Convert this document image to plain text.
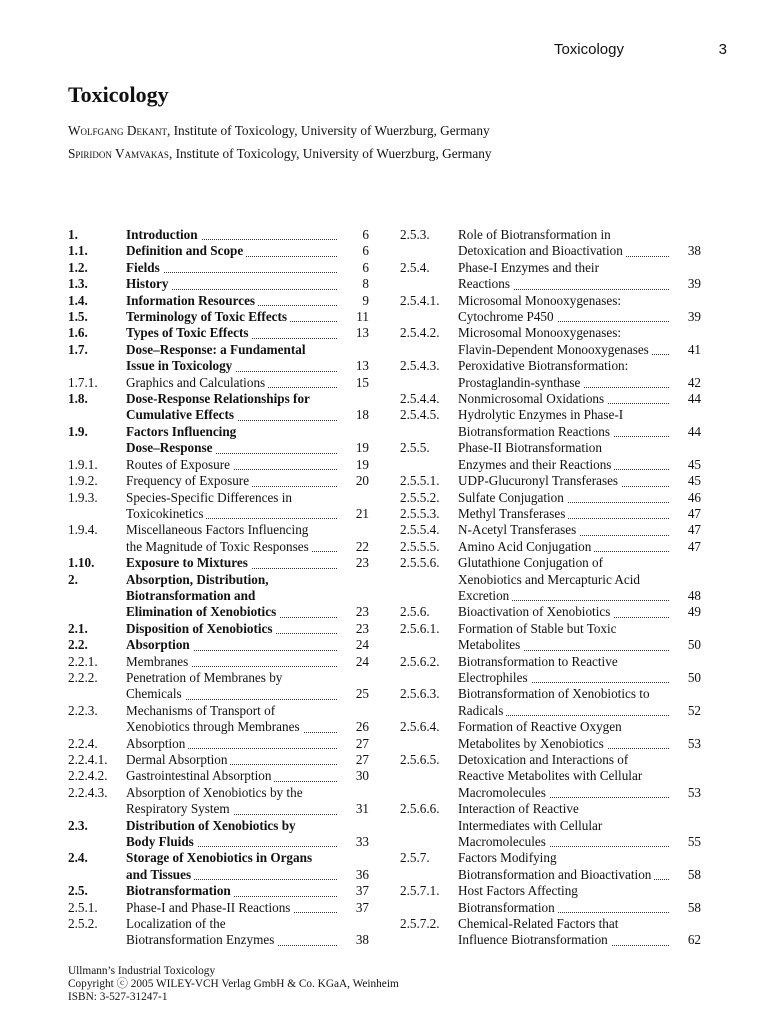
Toxicology	3
Toxicology
Wolfgang Dekant, Institute of Toxicology, University of Wuerzburg, Germany
Spiridon Vamvakas, Institute of Toxicology, University of Wuerzburg, Germany
1.	Introduction	6
1.1.	Definition and Scope	6
1.2.	Fields	6
1.3.	History	8
1.4.	Information Resources	9
1.5.	Terminology of Toxic Effects	11
1.6.	Types of Toxic Effects	13
1.7.	Dose–Response: a Fundamental
Issue in Toxicology	13
1.7.1. Graphics and Calculations	15
1.8.	Dose-Response Relationships for
Cumulative Effects	18
1.9.	Factors Influencing
Dose–Response	19
1.9.1. Routes of Exposure	19
1.9.2. Frequency of Exposure	20
1.9.3. Species-Specific Differences in
Toxicokinetics	21
1.9.4. Miscellaneous Factors Influencing
the Magnitude of Toxic Responses	22
1.10. Exposure to Mixtures	23
2.	Absorption, Distribution,
Biotransformation and
Elimination of Xenobiotics	23
2.1.	Disposition of Xenobiotics	23
2.2.	Absorption	24
2.2.1. Membranes	24
2.2.2. Penetration of Membranes by
Chemicals	25
2.2.3. Mechanisms of Transport of
Xenobiotics through Membranes	26
2.2.4. Absorption	27
2.2.4.1. Dermal Absorption	27
2.2.4.2. Gastrointestinal Absorption	30
2.2.4.3. Absorption of Xenobiotics by the
Respiratory System	31
2.3.	Distribution of Xenobiotics by
Body Fluids	33
2.4.	Storage of Xenobiotics in Organs
and Tissues	36
2.5.	Biotransformation	37
2.5.1. Phase-I and Phase-II Reactions	37
2.5.2. Localization of the
Biotransformation Enzymes	38
2.5.3. Role of Biotransformation in
Detoxication and Bioactivation	38
2.5.4. Phase-I Enzymes and their
Reactions	39
2.5.4.1. Microsomal Monooxygenases:
Cytochrome P450	39
2.5.4.2. Microsomal Monooxygenases:
Flavin-Dependent Monooxygenases	41
2.5.4.3. Peroxidative Biotransformation:
Prostaglandin-synthase	42
2.5.4.4. Nonmicrosomal Oxidations	44
2.5.4.5. Hydrolytic Enzymes in Phase-I
Biotransformation Reactions	44
2.5.5. Phase-II Biotransformation
Enzymes and their Reactions	45
2.5.5.1. UDP-Glucuronyl Transferases	45
2.5.5.2. Sulfate Conjugation	46
2.5.5.3. Methyl Transferases	47
2.5.5.4. N-Acetyl Transferases	47
2.5.5.5. Amino Acid Conjugation	47
2.5.5.6. Glutathione Conjugation of
Xenobiotics and Mercapturic Acid
Excretion	48
2.5.6. Bioactivation of Xenobiotics	49
2.5.6.1. Formation of Stable but Toxic
Metabolites	50
2.5.6.2. Biotransformation to Reactive
Electrophiles	50
2.5.6.3. Biotransformation of Xenobiotics to
Radicals	52
2.5.6.4. Formation of Reactive Oxygen
Metabolites by Xenobiotics	53
2.5.6.5. Detoxication and Interactions of
Reactive Metabolites with Cellular
Macromolecules	53
2.5.6.6. Interaction of Reactive
Intermediates with Cellular
Macromolecules	55
2.5.7. Factors Modifying
Biotransformation and Bioactivation	58
2.5.7.1. Host Factors Affecting
Biotransformation	58
2.5.7.2. Chemical-Related Factors that
Influence Biotransformation	62
Ullmann’s Industrial Toxicology
Copyright ⓒ 2005 WILEY-VCH Verlag GmbH & Co. KGaA, Weinheim
ISBN: 3-527-31247-1
